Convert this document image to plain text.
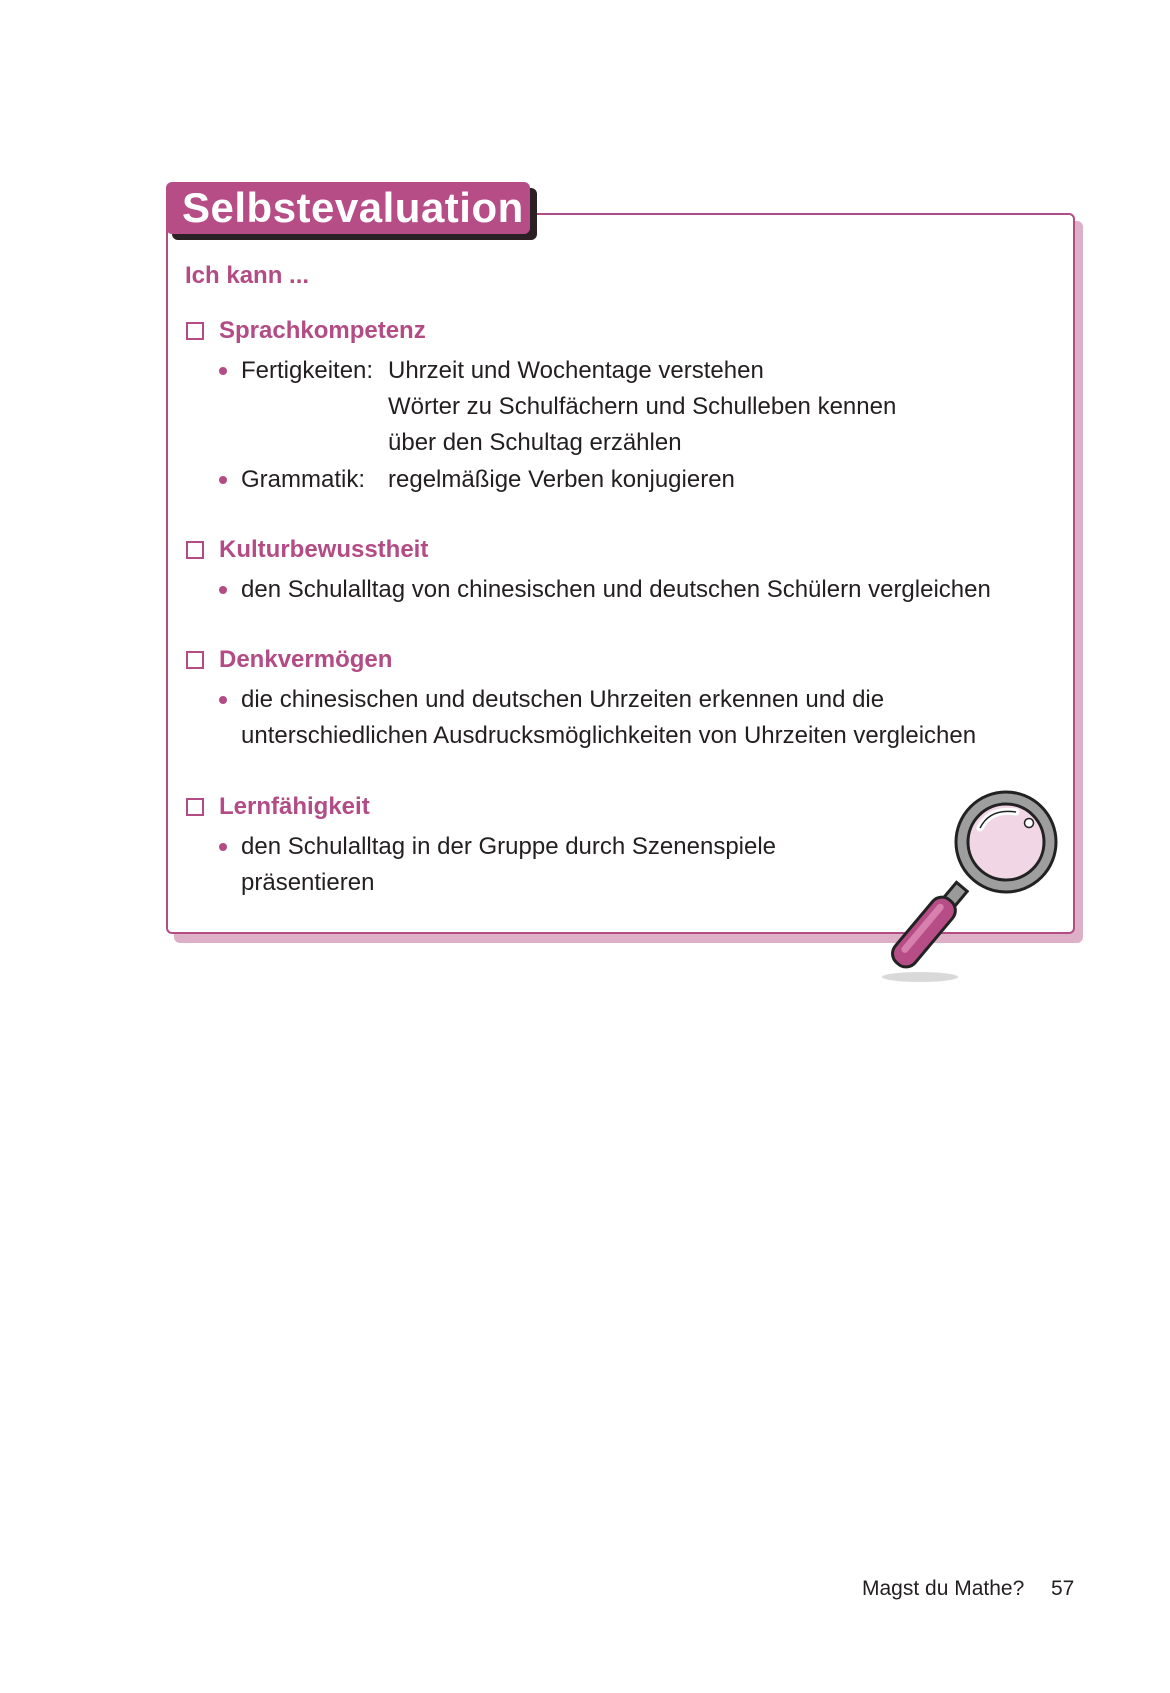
Selbstevaluation
Ich kann ...
Sprachkompetenz
Fertigkeiten: Uhrzeit und Wochentage verstehen
Wörter zu Schulfächern und Schulleben kennen
über den Schultag erzählen
Grammatik: regelmäßige Verben konjugieren
Kulturbewusstheit
den Schulalltag von chinesischen und deutschen Schülern vergleichen
Denkvermögen
die chinesischen und deutschen Uhrzeiten erkennen und die
unterschiedlichen Ausdrucksmöglichkeiten von Uhrzeiten vergleichen
Lernfähigkeit
den Schulalltag in der Gruppe durch Szenenspiele
präsentieren
Magst du Mathe? 57
